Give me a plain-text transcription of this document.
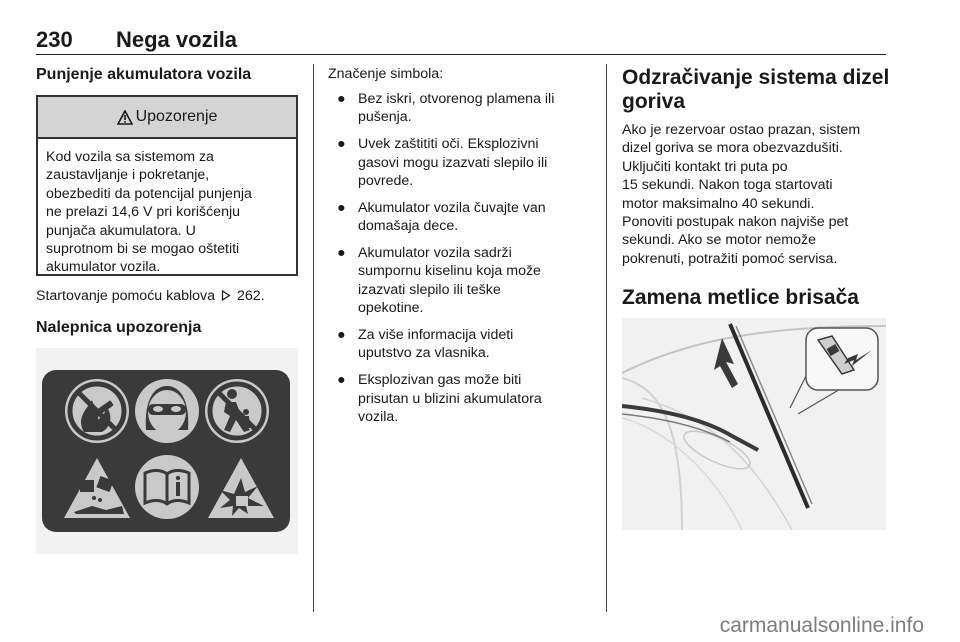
230 Nega vozila
Punjenje akumulatora vozila
Upozorenje
Kod vozila sa sistemom za
zaustavljanje i pokretanje,
obezbediti da potencijal punjenja
ne prelazi 14,6 V pri korišćenju
punjača akumulatora. U
suprotnom bi se mogao oštetiti
akumulator vozila.
Startovanje pomoću kablova 262.
Nalepnica upozorenja
Značenje simbola:
● Bez iskri, otvorenog plamena ili
pušenja.
● Uvek zaštititi oči. Eksplozivni
gasovi mogu izazvati slepilo ili
povrede.
● Akumulator vozila čuvajte van
domašaja dece.
● Akumulator vozila sadrži
sumpornu kiselinu koja može
izazvati slepilo ili teške
opekotine.
● Za više informacija videti
uputstvo za vlasnika.
● Eksplozivan gas može biti
prisutan u blizini akumulatora
vozila.
Odzračivanje sistema dizel
goriva
Ako je rezervoar ostao prazan, sistem
dizel goriva se mora obezvazdušiti.
Uključiti kontakt tri puta po
15 sekundi. Nakon toga startovati
motor maksimalno 40 sekundi.
Ponoviti postupak nakon najviše pet
sekundi. Ako se motor nemože
pokrenuti, potražiti pomoć servisa.
Zamena metlice brisača
carmanualsonline.info
